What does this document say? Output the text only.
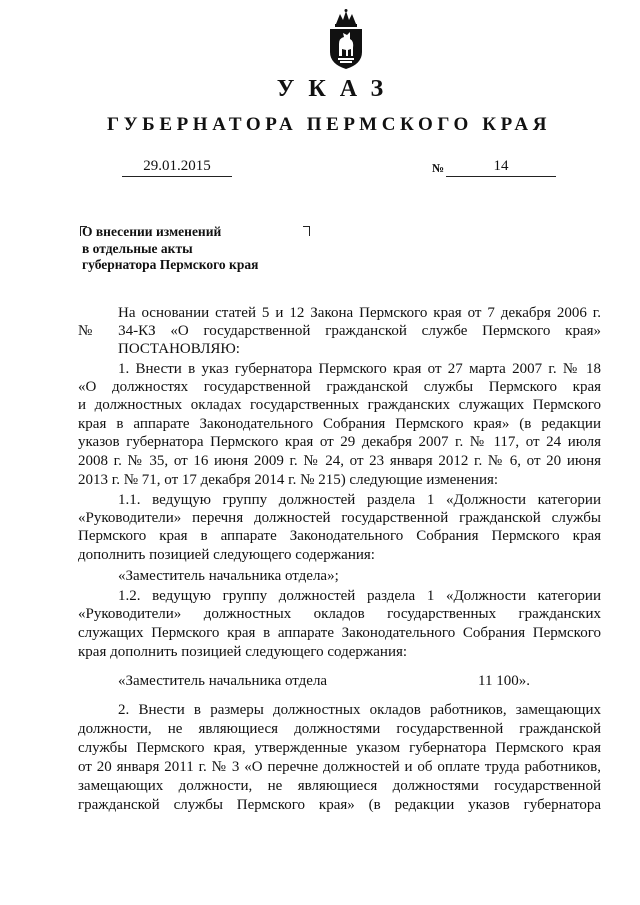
УКАЗ
ГУБЕРНАТОРА ПЕРМСКОГО КРАЯ
29.01.2015	№	14
О внесении изменений
в отдельные акты
губернатора Пермского края
На основании статей 5 и 12 Закона Пермского края от 7 декабря 2006 г.
№ 34-КЗ «О государственной гражданской службе Пермского края»
ПОСТАНОВЛЯЮ:
1. Внести в указ губернатора Пермского края от 27 марта 2007 г. № 18
«О должностях государственной гражданской службы Пермского края
и должностных окладах государственных гражданских служащих Пермского
края в аппарате Законодательного Собрания Пермского края» (в редакции
указов губернатора Пермского края от 29 декабря 2007 г. № 117, от 24 июля
2008 г. № 35, от 16 июня 2009 г. № 24, от 23 января 2012 г. № 6, от 20 июня
2013 г. № 71, от 17 декабря 2014 г. № 215) следующие изменения:
1.1. ведущую группу должностей раздела 1 «Должности категории
«Руководители» перечня должностей государственной гражданской службы
Пермского края в аппарате Законодательного Собрания Пермского края
дополнить позицией следующего содержания:
«Заместитель начальника отдела»;
1.2. ведущую группу должностей раздела 1 «Должности категории
«Руководители» должностных окладов государственных гражданских
служащих Пермского края в аппарате Законодательного Собрания Пермского
края дополнить позицией следующего содержания:
«Заместитель начальника отдела	11 100».
2. Внести в размеры должностных окладов работников, замещающих
должности, не являющиеся должностями государственной гражданской
службы Пермского края, утвержденные указом губернатора Пермского края
от 20 января 2011 г. № 3 «О перечне должностей и об оплате труда работников,
замещающих должности, не являющиеся должностями государственной
гражданской службы Пермского края» (в редакции указов губернатора
